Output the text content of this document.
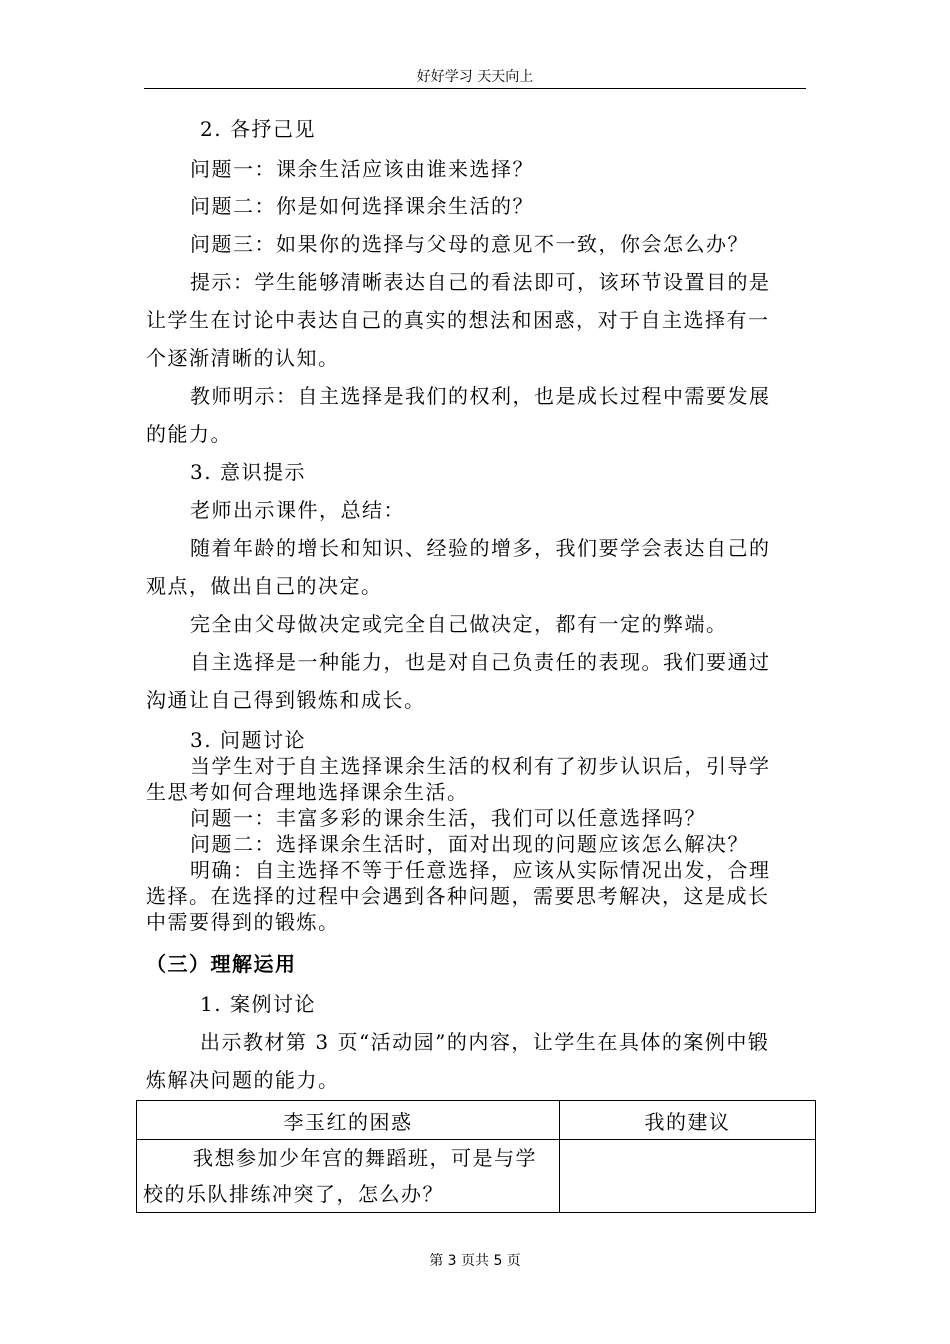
好好学习 天天向上
2. 各抒己见
问题一：课余生活应该由谁来选择？
问题二：你是如何选择课余生活的？
问题三：如果你的选择与父母的意见不一致，你会怎么办？
提示：学生能够清晰表达自己的看法即可，该环节设置目的是
让学生在讨论中表达自己的真实的想法和困惑，对于自主选择有一
个逐渐清晰的认知。
教师明示：自主选择是我们的权利，也是成长过程中需要发展
的能力。
3. 意识提示
老师出示课件，总结：
随着年龄的增长和知识、经验的增多，我们要学会表达自己的
观点，做出自己的决定。
完全由父母做决定或完全自己做决定，都有一定的弊端。
自主选择是一种能力，也是对自己负责任的表现。我们要通过
沟通让自己得到锻炼和成长。
3. 问题讨论
当学生对于自主选择课余生活的权利有了初步认识后，引导学
生思考如何合理地选择课余生活。
问题一：丰富多彩的课余生活，我们可以任意选择吗？
问题二：选择课余生活时，面对出现的问题应该怎么解决？
明确：自主选择不等于任意选择，应该从实际情况出发，合理
选择。在选择的过程中会遇到各种问题，需要思考解决，这是成长
中需要得到的锻炼。
（三）理解运用
1. 案例讨论
出示教材第 3 页“活动园”的内容，让学生在具体的案例中锻
炼解决问题的能力。
李玉红的困惑	我的建议

我想参加少年宫的舞蹈班，可是与学
校的乐队排练冲突了，怎么办？	

第 3 页共 5 页
